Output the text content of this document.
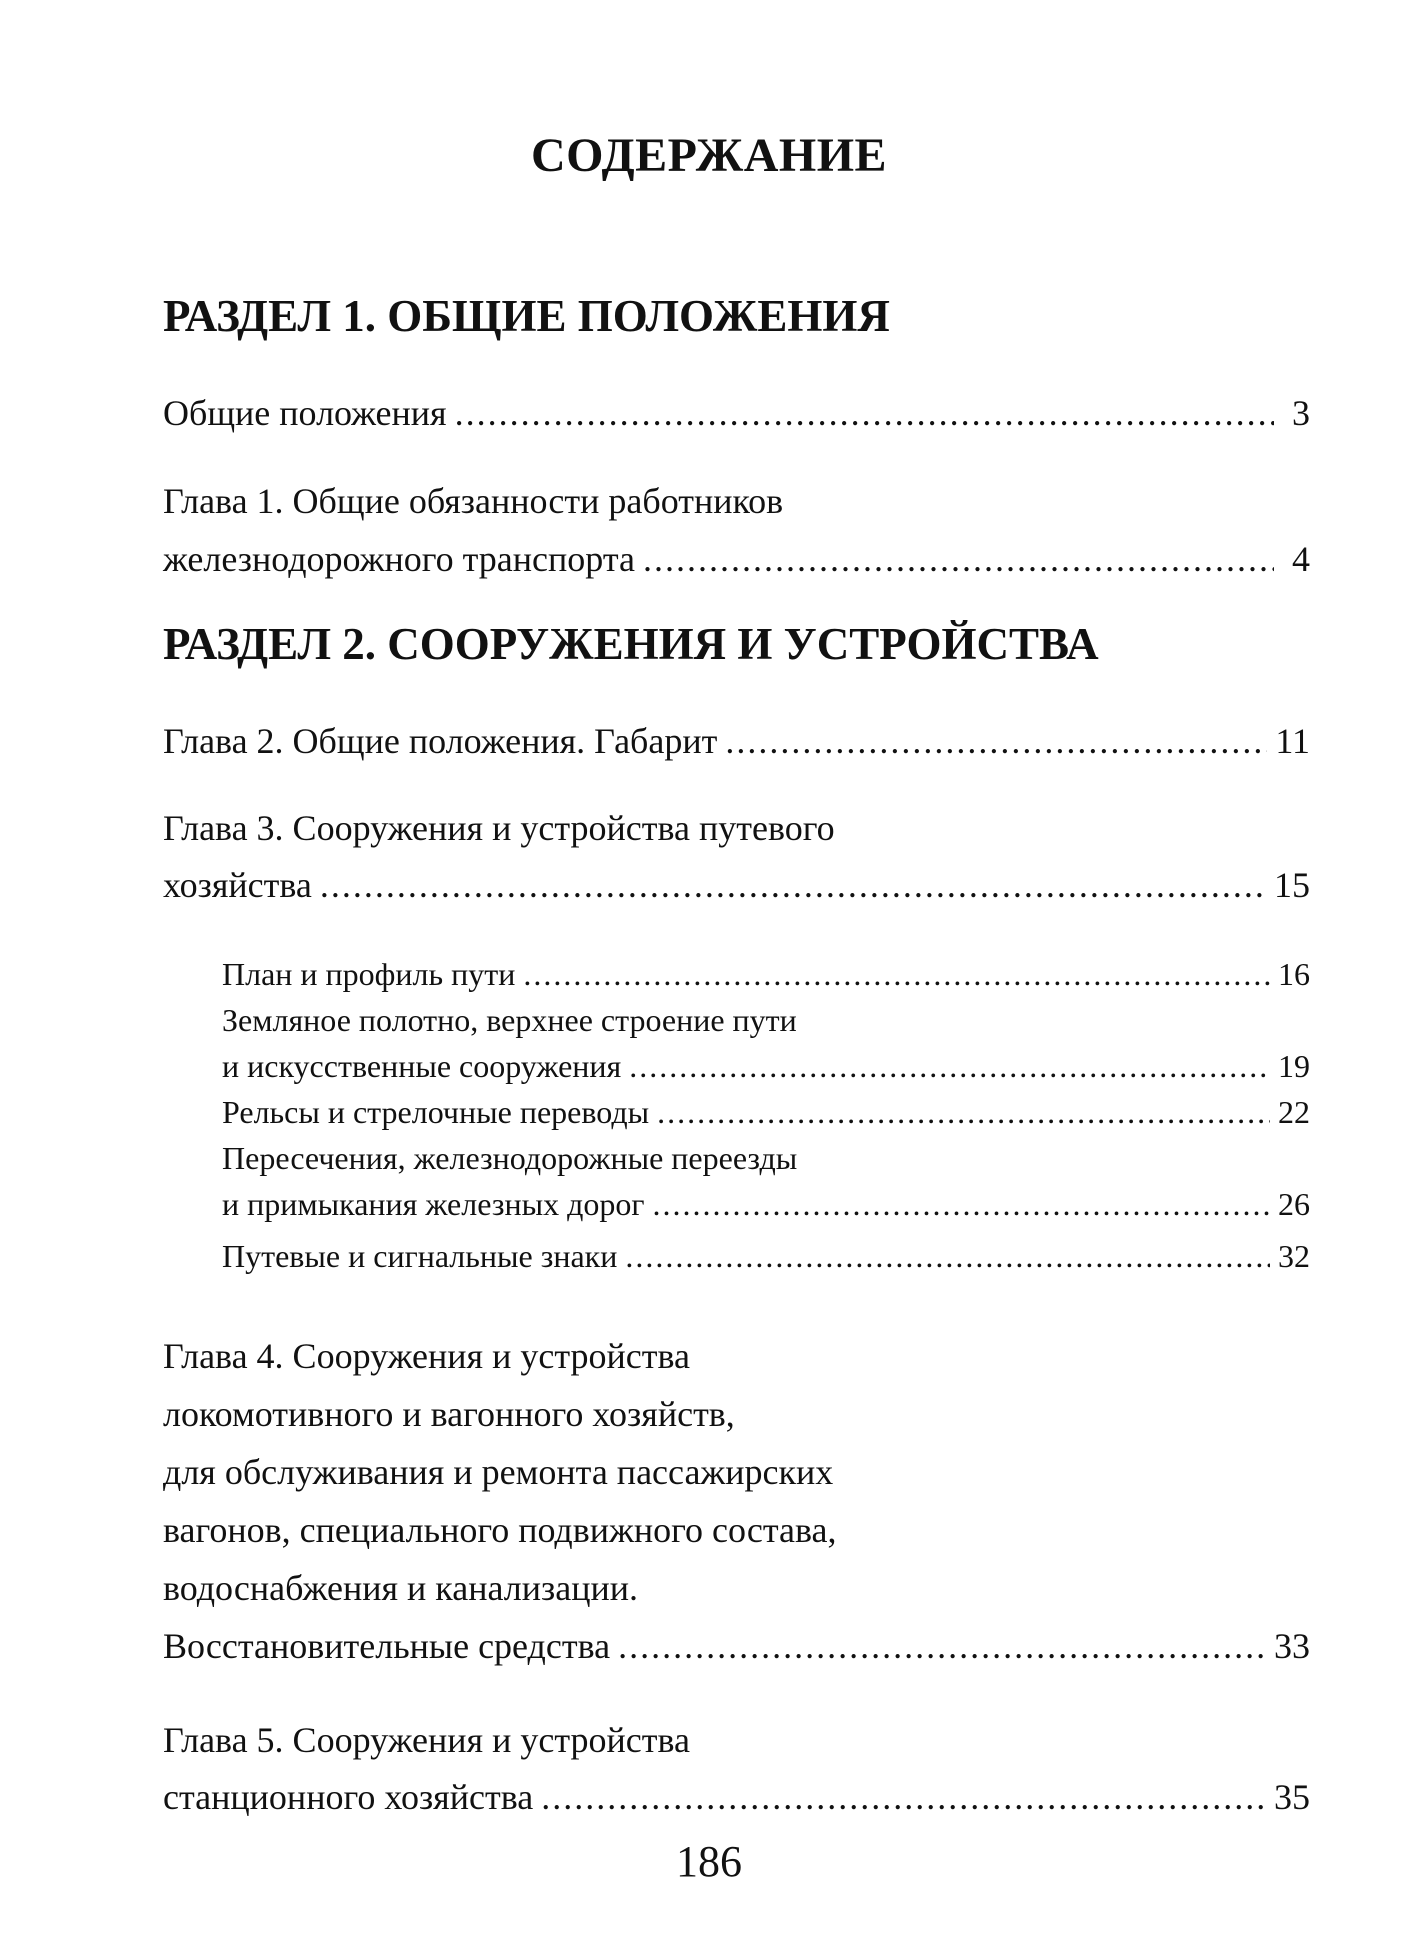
СОДЕРЖАНИЕ
РАЗДЕЛ 1. ОБЩИЕ ПОЛОЖЕНИЯ
Общие положения .....	3
Глава 1. Общие обязанности работников
железнодорожного транспорта .....	4
РАЗДЕЛ 2. СООРУЖЕНИЯ И УСТРОЙСТВА
Глава 2. Общие положения. Габарит .....	11
Глава 3. Сооружения и устройства путевого
хозяйства .....	15
План и профиль пути .....	16
Земляное полотно, верхнее строение пути
и искусственные сооружения .....	19
Рельсы и стрелочные переводы .....	22
Пересечения, железнодорожные переезды
и примыкания железных дорог .....	26
Путевые и сигнальные знаки .....	32
Глава 4. Сооружения и устройства
локомотивного и вагонного хозяйств,
для обслуживания и ремонта пассажирских
вагонов, специального подвижного состава,
водоснабжения и канализации.
Восстановительные средства .....	33
Глава 5. Сооружения и устройства
станционного хозяйства .....	35
186
